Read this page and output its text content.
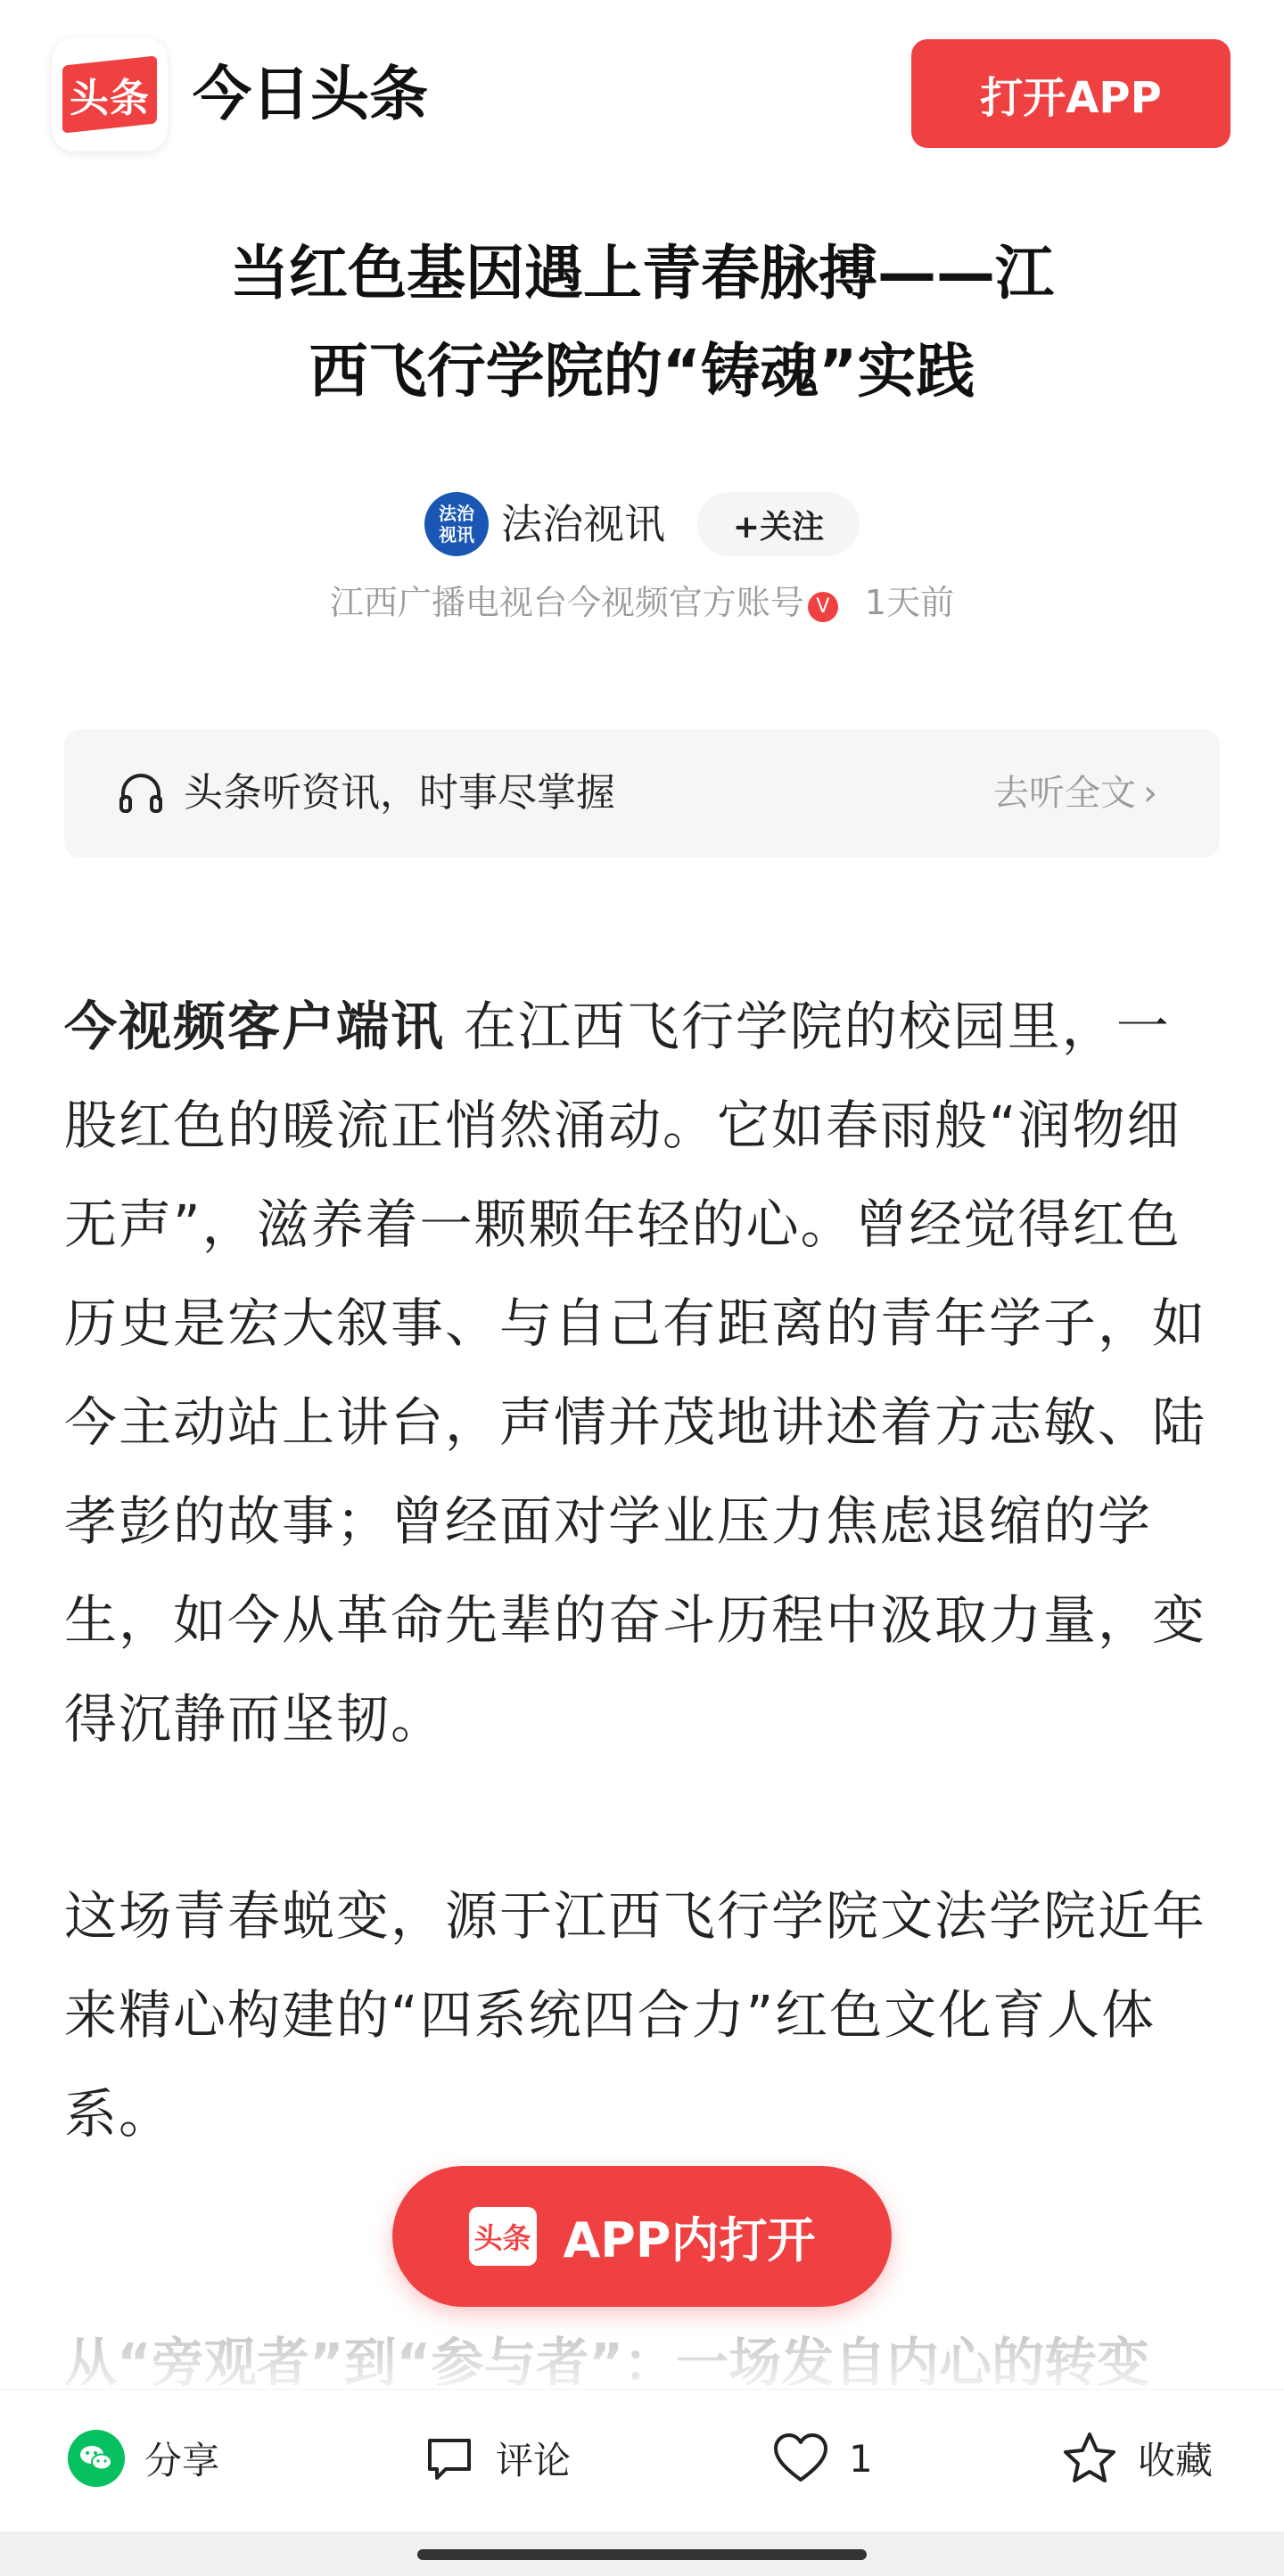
头条 今日头条	打开APP
当红色基因遇上青春脉搏——江
西飞行学院的“铸魂”实践
法治
视讯 法治视讯	+关注
江西广播电视台今视频官方账号 V 1天前
头条听资讯，时事尽掌握	去听全文 ›

今视频客户端讯 在江西飞行学院的校园里，一股红色的暖流正悄然涌动。它如春雨般“润物细无声”，滋养着一颗颗年轻的心。曾经觉得红色历史是宏大叙事、与自己有距离的青年学子，如今主动站上讲台，声情并茂地讲述着方志敏、陆孝彭的故事；曾经面对学业压力焦虑退缩的学生，如今从革命先辈的奋斗历程中汲取力量，变得沉静而坚韧。

这场青春蜕变，源于江西飞行学院文法学院近年来精心构建的“四系统四合力”红色文化育人体系。

头条 APP内打开
分享	评论	1	收藏
